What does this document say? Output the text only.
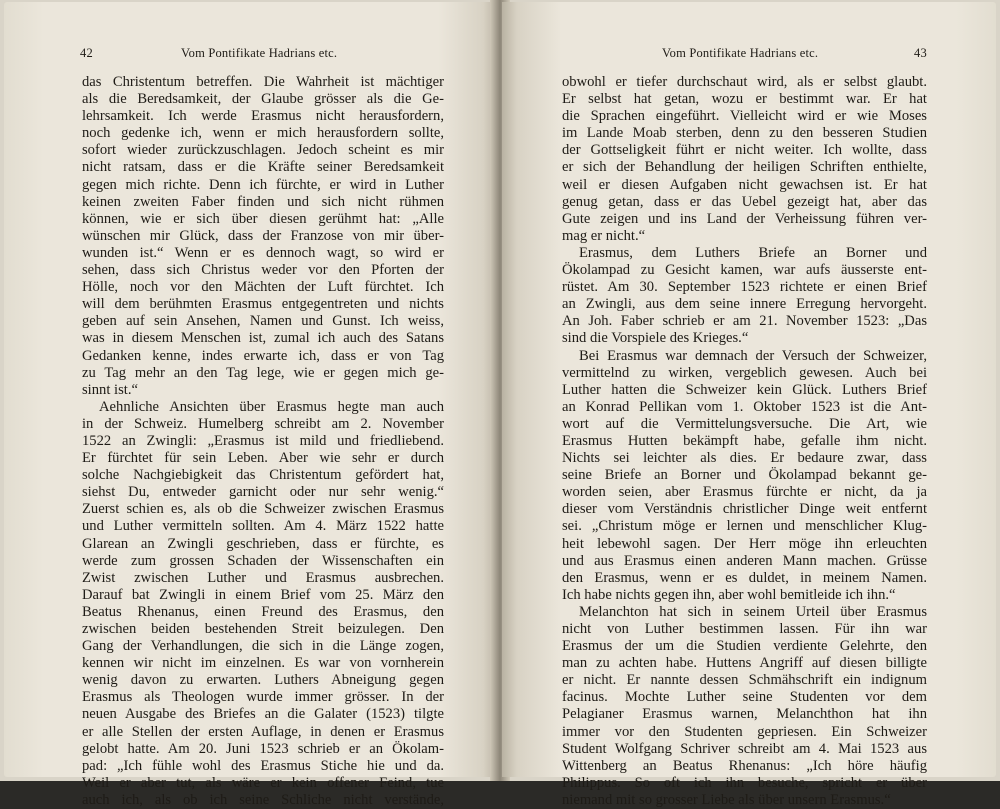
42	Vom Pontifikate Hadrians etc.
das Christentum betreffen. Die Wahrheit ist mächtiger
als die Beredsamkeit, der Glaube grösser als die Ge-
lehrsamkeit. Ich werde Erasmus nicht herausfordern,
noch gedenke ich, wenn er mich herausfordern sollte,
sofort wieder zurückzuschlagen. Jedoch scheint es mir
nicht ratsam, dass er die Kräfte seiner Beredsamkeit
gegen mich richte. Denn ich fürchte, er wird in Luther
keinen zweiten Faber finden und sich nicht rühmen
können, wie er sich über diesen gerühmt hat: „Alle
wünschen mir Glück, dass der Franzose von mir über-
wunden ist.“ Wenn er es dennoch wagt, so wird er
sehen, dass sich Christus weder vor den Pforten der
Hölle, noch vor den Mächten der Luft fürchtet. Ich
will dem berühmten Erasmus entgegentreten und nichts
geben auf sein Ansehen, Namen und Gunst. Ich weiss,
was in diesem Menschen ist, zumal ich auch des Satans
Gedanken kenne, indes erwarte ich, dass er von Tag
zu Tag mehr an den Tag lege, wie er gegen mich ge-
sinnt ist.“
Aehnliche Ansichten über Erasmus hegte man auch
in der Schweiz. Humelberg schreibt am 2. November
1522 an Zwingli: „Erasmus ist mild und friedliebend.
Er fürchtet für sein Leben. Aber wie sehr er durch
solche Nachgiebigkeit das Christentum gefördert hat,
siehst Du, entweder garnicht oder nur sehr wenig.“
Zuerst schien es, als ob die Schweizer zwischen Erasmus
und Luther vermitteln sollten. Am 4. März 1522 hatte
Glarean an Zwingli geschrieben, dass er fürchte, es
werde zum grossen Schaden der Wissenschaften ein
Zwist zwischen Luther und Erasmus ausbrechen.
Darauf bat Zwingli in einem Brief vom 25. März den
Beatus Rhenanus, einen Freund des Erasmus, den
zwischen beiden bestehenden Streit beizulegen. Den
Gang der Verhandlungen, die sich in die Länge zogen,
kennen wir nicht im einzelnen. Es war von vornherein
wenig davon zu erwarten. Luthers Abneigung gegen
Erasmus als Theologen wurde immer grösser. In der
neuen Ausgabe des Briefes an die Galater (1523) tilgte
er alle Stellen der ersten Auflage, in denen er Erasmus
gelobt hatte. Am 20. Juni 1523 schrieb er an Ökolam-
pad: „Ich fühle wohl des Erasmus Stiche hie und da.
Weil er aber tut, als wäre er kein offener Feind, tue
auch ich, als ob ich seine Schliche nicht verstände,
Vom Pontifikate Hadrians etc.	43
obwohl er tiefer durchschaut wird, als er selbst glaubt.
Er selbst hat getan, wozu er bestimmt war. Er hat
die Sprachen eingeführt. Vielleicht wird er wie Moses
im Lande Moab sterben, denn zu den besseren Studien
der Gottseligkeit führt er nicht weiter. Ich wollte, dass
er sich der Behandlung der heiligen Schriften enthielte,
weil er diesen Aufgaben nicht gewachsen ist. Er hat
genug getan, dass er das Uebel gezeigt hat, aber das
Gute zeigen und ins Land der Verheissung führen ver-
mag er nicht.“
Erasmus, dem Luthers Briefe an Borner und
Ökolampad zu Gesicht kamen, war aufs äusserste ent-
rüstet. Am 30. September 1523 richtete er einen Brief
an Zwingli, aus dem seine innere Erregung hervorgeht.
An Joh. Faber schrieb er am 21. November 1523: „Das
sind die Vorspiele des Krieges.“
Bei Erasmus war demnach der Versuch der Schweizer,
vermittelnd zu wirken, vergeblich gewesen. Auch bei
Luther hatten die Schweizer kein Glück. Luthers Brief
an Konrad Pellikan vom 1. Oktober 1523 ist die Ant-
wort auf die Vermittelungsversuche. Die Art, wie
Erasmus Hutten bekämpft habe, gefalle ihm nicht.
Nichts sei leichter als dies. Er bedaure zwar, dass
seine Briefe an Borner und Ökolampad bekannt ge-
worden seien, aber Erasmus fürchte er nicht, da ja
dieser vom Verständnis christlicher Dinge weit entfernt
sei. „Christum möge er lernen und menschlicher Klug-
heit lebewohl sagen. Der Herr möge ihn erleuchten
und aus Erasmus einen anderen Mann machen. Grüsse
den Erasmus, wenn er es duldet, in meinem Namen.
Ich habe nichts gegen ihn, aber wohl bemitleide ich ihn.“
Melanchton hat sich in seinem Urteil über Erasmus
nicht von Luther bestimmen lassen. Für ihn war
Erasmus der um die Studien verdiente Gelehrte, den
man zu achten habe. Huttens Angriff auf diesen billigte
er nicht. Er nannte dessen Schmähschrift ein indignum
facinus. Mochte Luther seine Studenten vor dem
Pelagianer Erasmus warnen, Melanchthon hat ihn
immer vor den Studenten gepriesen. Ein Schweizer
Student Wolfgang Schriver schreibt am 4. Mai 1523 aus
Wittenberg an Beatus Rhenanus: „Ich höre häufig
Philippus. So oft ich ihn besuche, spricht er über
niemand mit so grosser Liebe als über unsern Erasmus.“
